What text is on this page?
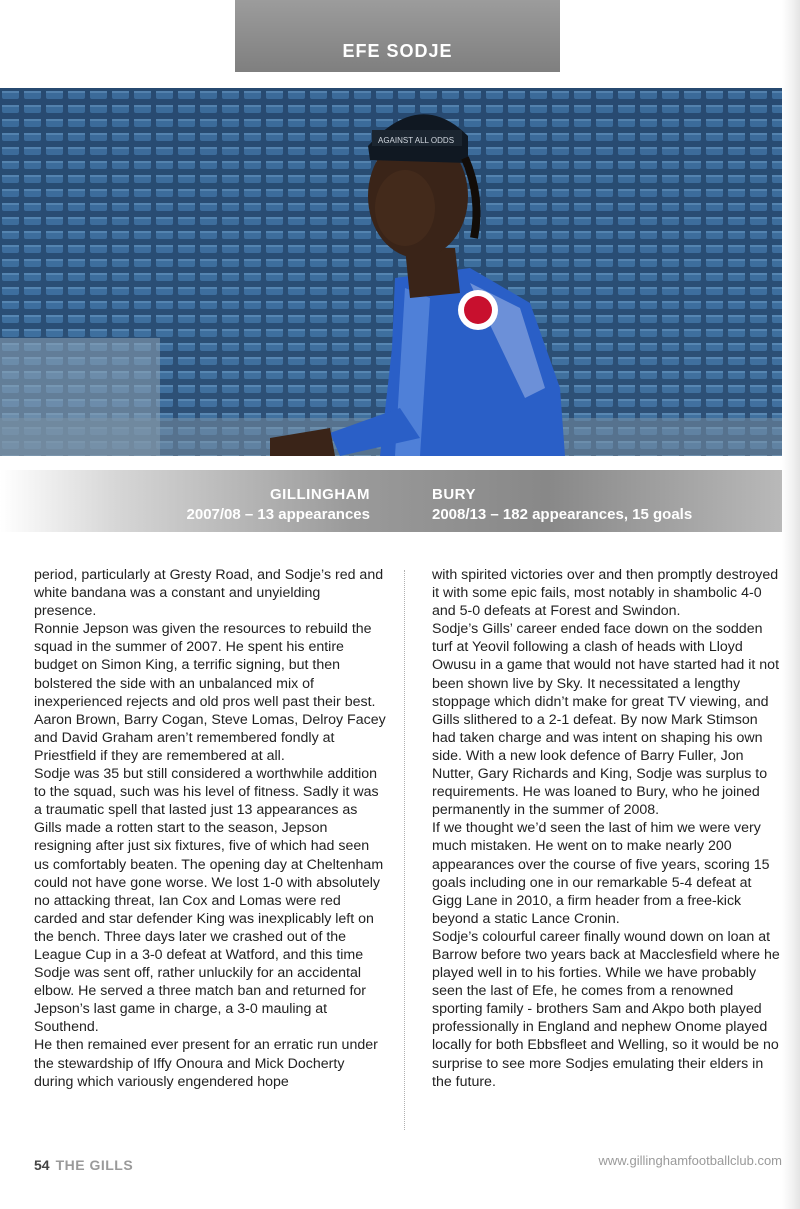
EFE SODJE
AGAINST ALL ODDS
GILLINGHAM
2007/08 – 13 appearances
BURY
2008/13 – 182 appearances, 15 goals

period, particularly at Gresty Road, and Sodje’s red and white bandana was a constant and unyielding presence.

Ronnie Jepson was given the resources to rebuild the squad in the summer of 2007. He spent his entire budget on Simon King, a terrific signing, but then bolstered the side with an unbalanced mix of inexperienced rejects and old pros well past their best. Aaron Brown, Barry Cogan, Steve Lomas, Delroy Facey and David Graham aren’t remembered fondly at Priestfield if they are remembered at all.

Sodje was 35 but still considered a worthwhile addition to the squad, such was his level of fitness. Sadly it was a traumatic spell that lasted just 13 appearances as Gills made a rotten start to the season, Jepson resigning after just six fixtures, five of which had seen us comfortably beaten. The opening day at Cheltenham could not have gone worse. We lost 1-0 with absolutely no attacking threat, Ian Cox and Lomas were red carded and star defender King was inexplicably left on the bench. Three days later we crashed out of the League Cup in a 3-0 defeat at Watford, and this time Sodje was sent off, rather unluckily for an accidental elbow. He served a three match ban and returned for Jepson’s last game in charge, a 3-0 mauling at Southend.

He then remained ever present for an erratic run under the stewardship of Iffy Onoura and Mick Docherty during which variously engendered hope

with spirited victories over and then promptly destroyed it with some epic fails, most notably in shambolic 4-0 and 5-0 defeats at Forest and Swindon.

Sodje’s Gills’ career ended face down on the sodden turf at Yeovil following a clash of heads with Lloyd Owusu in a game that would not have started had it not been shown live by Sky. It necessitated a lengthy stoppage which didn’t make for great TV viewing, and Gills slithered to a 2-1 defeat. By now Mark Stimson had taken charge and was intent on shaping his own side. With a new look defence of Barry Fuller, Jon Nutter, Gary Richards and King, Sodje was surplus to requirements. He was loaned to Bury, who he joined permanently in the summer of 2008.

If we thought we’d seen the last of him we were very much mistaken. He went on to make nearly 200 appearances over the course of five years, scoring 15 goals including one in our remarkable 5-4 defeat at Gigg Lane in 2010, a firm header from a free-kick beyond a static Lance Cronin.

Sodje’s colourful career finally wound down on loan at Barrow before two years back at Macclesfield where he played well in to his forties. While we have probably seen the last of Efe, he comes from a renowned sporting family - brothers Sam and Akpo both played professionally in England and nephew Onome played locally for both Ebbsfleet and Welling, so it would be no surprise to see more Sodjes emulating their elders in the future.

54 THE GILLS	www.gillinghamfootballclub.com
